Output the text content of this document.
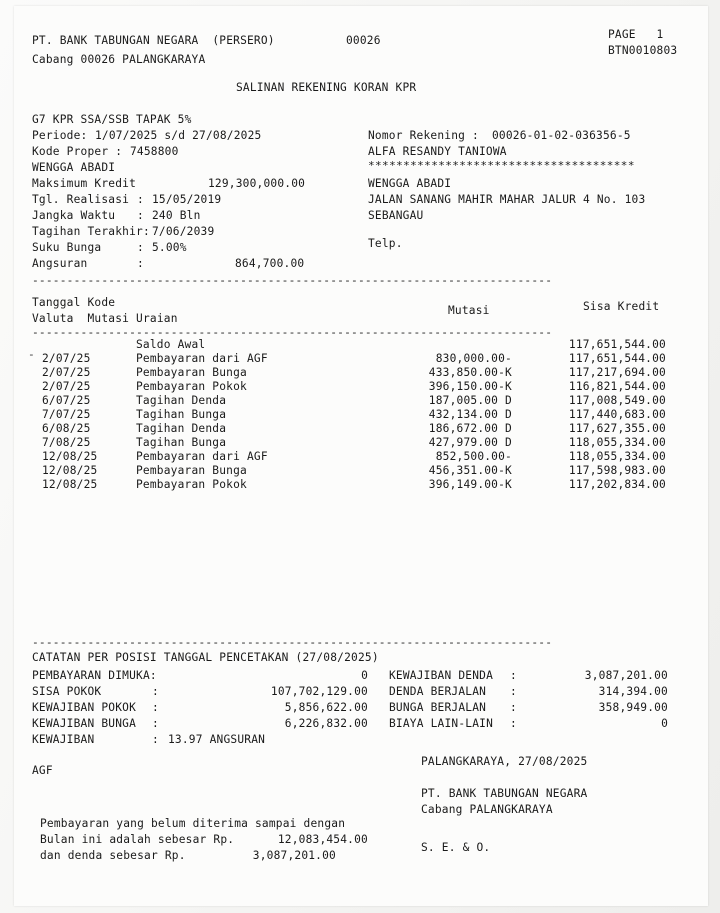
PT. BANK TABUNGAN NEGARA  (PERSERO)
Cabang 00026 PALANGKARAYA
00026	PAGE   1
BTN0010803
SALINAN REKENING KORAN KPR
G7 KPR SSA/SSB TAPAK 5%
Periode: 1/07/2025 s/d 27/08/2025
Kode Proper : 7458800
WENGGA ABADI
Maksimum Kredit	129,300,000.00
Tgl. Realisasi : 15/05/2019
Jangka Waktu : 240 Bln
Tagihan Terakhir: 7/06/2039
Suku Bunga	: 5.00%
Angsuran	:	864,700.00
Nomor Rekening : 00026-01-02-036356-5
ALFA RESANDY TANIOWA
**************************************
WENGGA ABADI
JALAN SANANG MAHIR MAHAR JALUR 4 No. 103
SEBANGAU
Telp.
---------------------------------------------------------------------------
Tanggal Kode
Valuta  Mutasi Uraian
Mutasi	Sisa Kredit
---------------------------------------------------------------------------
-
Saldo Awal	117,651,544.00
2/07/25	Pembayaran dari AGF	830,000.00-	117,651,544.00
2/07/25	Pembayaran Bunga	433,850.00-K	117,217,694.00
2/07/25	Pembayaran Pokok	396,150.00-K	116,821,544.00
6/07/25	Tagihan Denda	187,005.00 D	117,008,549.00
7/07/25	Tagihan Bunga	432,134.00 D	117,440,683.00
6/08/25	Tagihan Denda	186,672.00 D	117,627,355.00
7/08/25	Tagihan Bunga	427,979.00 D	118,055,334.00
12/08/25	Pembayaran dari AGF	852,500.00-	118,055,334.00
12/08/25	Pembayaran Bunga	456,351.00-K	117,598,983.00
12/08/25	Pembayaran Pokok	396,149.00-K	117,202,834.00
---------------------------------------------------------------------------
CATATAN PER POSISI TANGGAL PENCETAKAN (27/08/2025)
PEMBAYARAN DIMUKA:	0
SISA POKOK	:	107,702,129.00
KEWAJIBAN POKOK :	5,856,622.00
KEWAJIBAN BUNGA :	6,226,832.00
KEWAJIBAN	: 13.97 ANGSURAN
KEWAJIBAN DENDA :	3,087,201.00
DENDA BERJALAN :	314,394.00
BUNGA BERJALAN :	358,949.00
BIAYA LAIN-LAIN :	0
AGF
PALANGKARAYA, 27/08/2025
PT. BANK TABUNGAN NEGARA
Cabang PALANGKARAYA
S. E. & O.
Pembayaran yang belum diterima sampai dengan
Bulan ini adalah sebesar Rp.	12,083,454.00
dan denda sebesar Rp.	3,087,201.00
